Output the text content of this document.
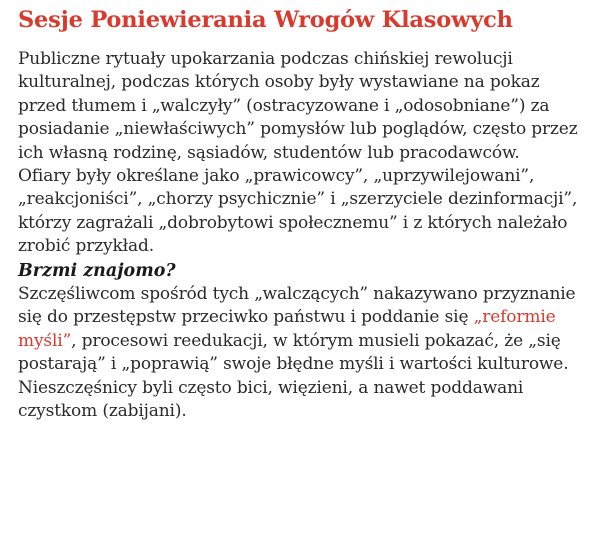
Sesje Poniewierania Wrogów Klasowych

Publiczne rytuały upokarzania podczas chińskiej rewolucji kulturalnej, podczas których osoby były wystawiane na pokaz przed tłumem i „walczyły” (ostracyzowane i „odosobniane”) za posiadanie „niewłaściwych” pomysłów lub poglądów, często przez ich własną rodzinę, sąsiadów, studentów lub pracodawców.

Ofiary były określane jako „prawicowcy”, „uprzywilejowani”, „reakcjoniści”, „chorzy psychicznie” i „szerzyciele dezinformacji”, którzy zagrażali „dobrobytowi społecznemu” i z których należało zrobić przykład.

Brzmi znajomo?

Szczęśliwcom spośród tych „walczących” nakazywano przyznanie się do przestępstw przeciwko państwu i poddanie się „reformie myśli”, procesowi reedukacji, w którym musieli pokazać, że „się postarają” i „poprawią” swoje błędne myśli i wartości kulturowe. Nieszczęśnicy byli często bici, więzieni, a nawet poddawani czystkom (zabijani).
